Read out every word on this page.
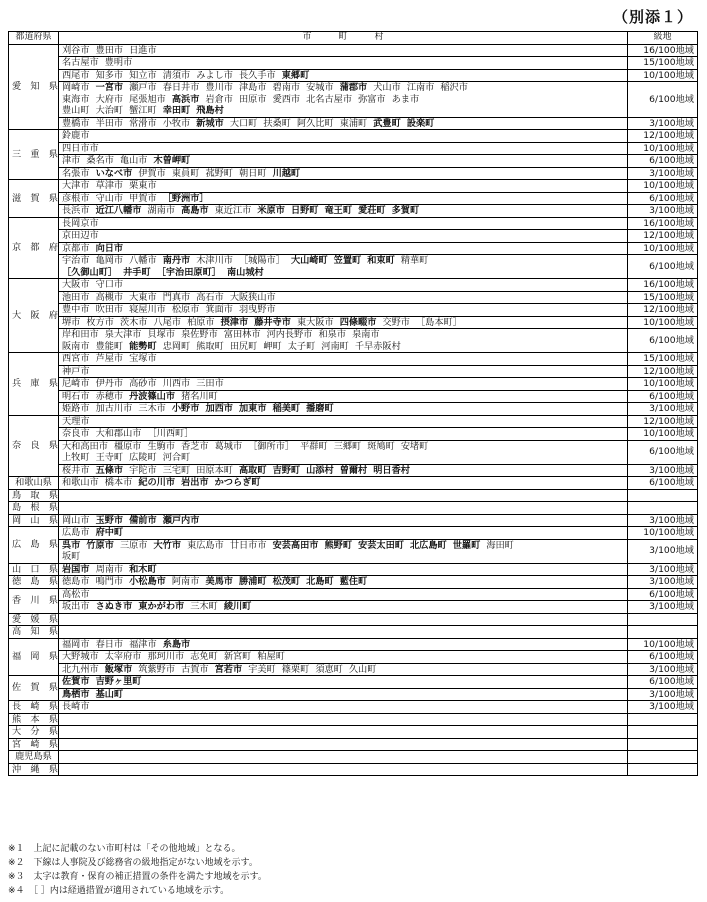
（別添１）
都道府県	市　　　町　　　村	級地
愛　知　県	刈谷市 豊田市 日進市	16/100地域

	名古屋市 豊明市	15/100地域

	西尾市 知多市 知立市 清須市 みよし市 長久手市 東郷町	10/100地域

	岡崎市 一宮市 瀬戸市 春日井市 豊川市 津島市 碧南市 安城市 蒲郡市 犬山市 江南市 稲沢市
東海市 大府市 尾張旭市 高浜市 岩倉市 田原市 愛西市 北名古屋市 弥富市 あま市
豊山町 大治町 蟹江町 幸田町 飛島村	6/100地域

	豊橋市 半田市 常滑市 小牧市 新城市 大口町 扶桑町 阿久比町 東浦町 武豊町 設楽町	3/100地域
三　重　県	鈴鹿市	12/100地域

	四日市市	10/100地域

	津市 桑名市 亀山市 木曽岬町	6/100地域

	名張市 いなべ市 伊賀市 東員町 菰野町 朝日町 川越町	3/100地域
滋　賀　県	大津市 草津市 栗東市	10/100地域

	彦根市 守山市 甲賀市 ［野洲市］	6/100地域

	長浜市 近江八幡市 湖南市 高島市 東近江市 米原市 日野町 竜王町 愛荘町 多賀町	3/100地域
京　都　府	長岡京市	16/100地域

	京田辺市	12/100地域

	京都市 向日市	10/100地域

	宇治市 亀岡市 八幡市 南丹市 木津川市 ［城陽市］ 大山崎町 笠置町 和束町 精華町
［久御山町］ 井手町 ［宇治田原町］ 南山城村	6/100地域
大　阪　府	大阪市 守口市	16/100地域

	池田市 高槻市 大東市 門真市 高石市 大阪狭山市	15/100地域

	豊中市 吹田市 寝屋川市 松原市 箕面市 羽曳野市	12/100地域

	堺市 枚方市 茨木市 八尾市 柏原市 摂津市 藤井寺市 東大阪市 四條畷市 交野市 ［島本町］	10/100地域

	岸和田市 泉大津市 貝塚市 泉佐野市 富田林市 河内長野市 和泉市 泉南市
阪南市 豊能町 能勢町 忠岡町 熊取町 田尻町 岬町 太子町 河南町 千早赤阪村	6/100地域
兵　庫　県	西宮市 芦屋市 宝塚市	15/100地域

	神戸市	12/100地域

	尼崎市 伊丹市 高砂市 川西市 三田市	10/100地域

	明石市 赤穂市 丹波篠山市 猪名川町	6/100地域

	姫路市 加古川市 三木市 小野市 加西市 加東市 稲美町 播磨町	3/100地域
奈　良　県	天理市	12/100地域

	奈良市 大和郡山市 ［川西町］	10/100地域

	大和高田市 橿原市 生駒市 香芝市 葛城市 ［御所市］ 平群町 三郷町 斑鳩町 安堵町
上牧町 王寺町 広陵町 河合町	6/100地域

	桜井市 五條市 宇陀市 三宅町 田原本町 高取町 吉野町 山添村 曽爾村 明日香村	3/100地域
和歌山県	和歌山市 橋本市 紀の川市 岩出市 かつらぎ町	6/100地域
鳥　取　県	

島　根　県	

岡　山　県	岡山市 玉野市 備前市 瀬戸内市	3/100地域
広　島　県	広島市 府中町	10/100地域

	呉市 竹原市 三原市 大竹市 東広島市 廿日市市 安芸高田市 熊野町 安芸太田町 北広島町 世羅町 海田町
坂町	3/100地域
山　口　県	岩国市 周南市 和木町	3/100地域
徳　島　県	徳島市 鳴門市 小松島市 阿南市 美馬市 勝浦町 松茂町 北島町 藍住町	3/100地域
香　川　県	高松市	6/100地域

	坂出市 さぬき市 東かがわ市 三木町 綾川町	3/100地域
愛　媛　県	

高　知　県	

福　岡　県	福岡市 春日市 福津市 糸島市	10/100地域

	大野城市 太宰府市 那珂川市 志免町 新宮町 粕屋町	6/100地域

	北九州市 飯塚市 筑紫野市 古賀市 宮若市 宇美町 篠栗町 須恵町 久山町	3/100地域
佐　賀　県	佐賀市 吉野ヶ里町	6/100地域

	鳥栖市 基山町	3/100地域
長　崎　県	長崎市	3/100地域
熊　本　県	

大　分　県	

宮　崎　県	

鹿児島県	

沖　縄　県	

※１　上記に記載のない市町村は「その他地域」となる。
※２　下線は人事院及び総務省の級地指定がない地域を示す。
※３　太字は教育・保育の補正措置の条件を満たす地域を示す。
※４　［ ］内は経過措置が適用されている地域を示す。
